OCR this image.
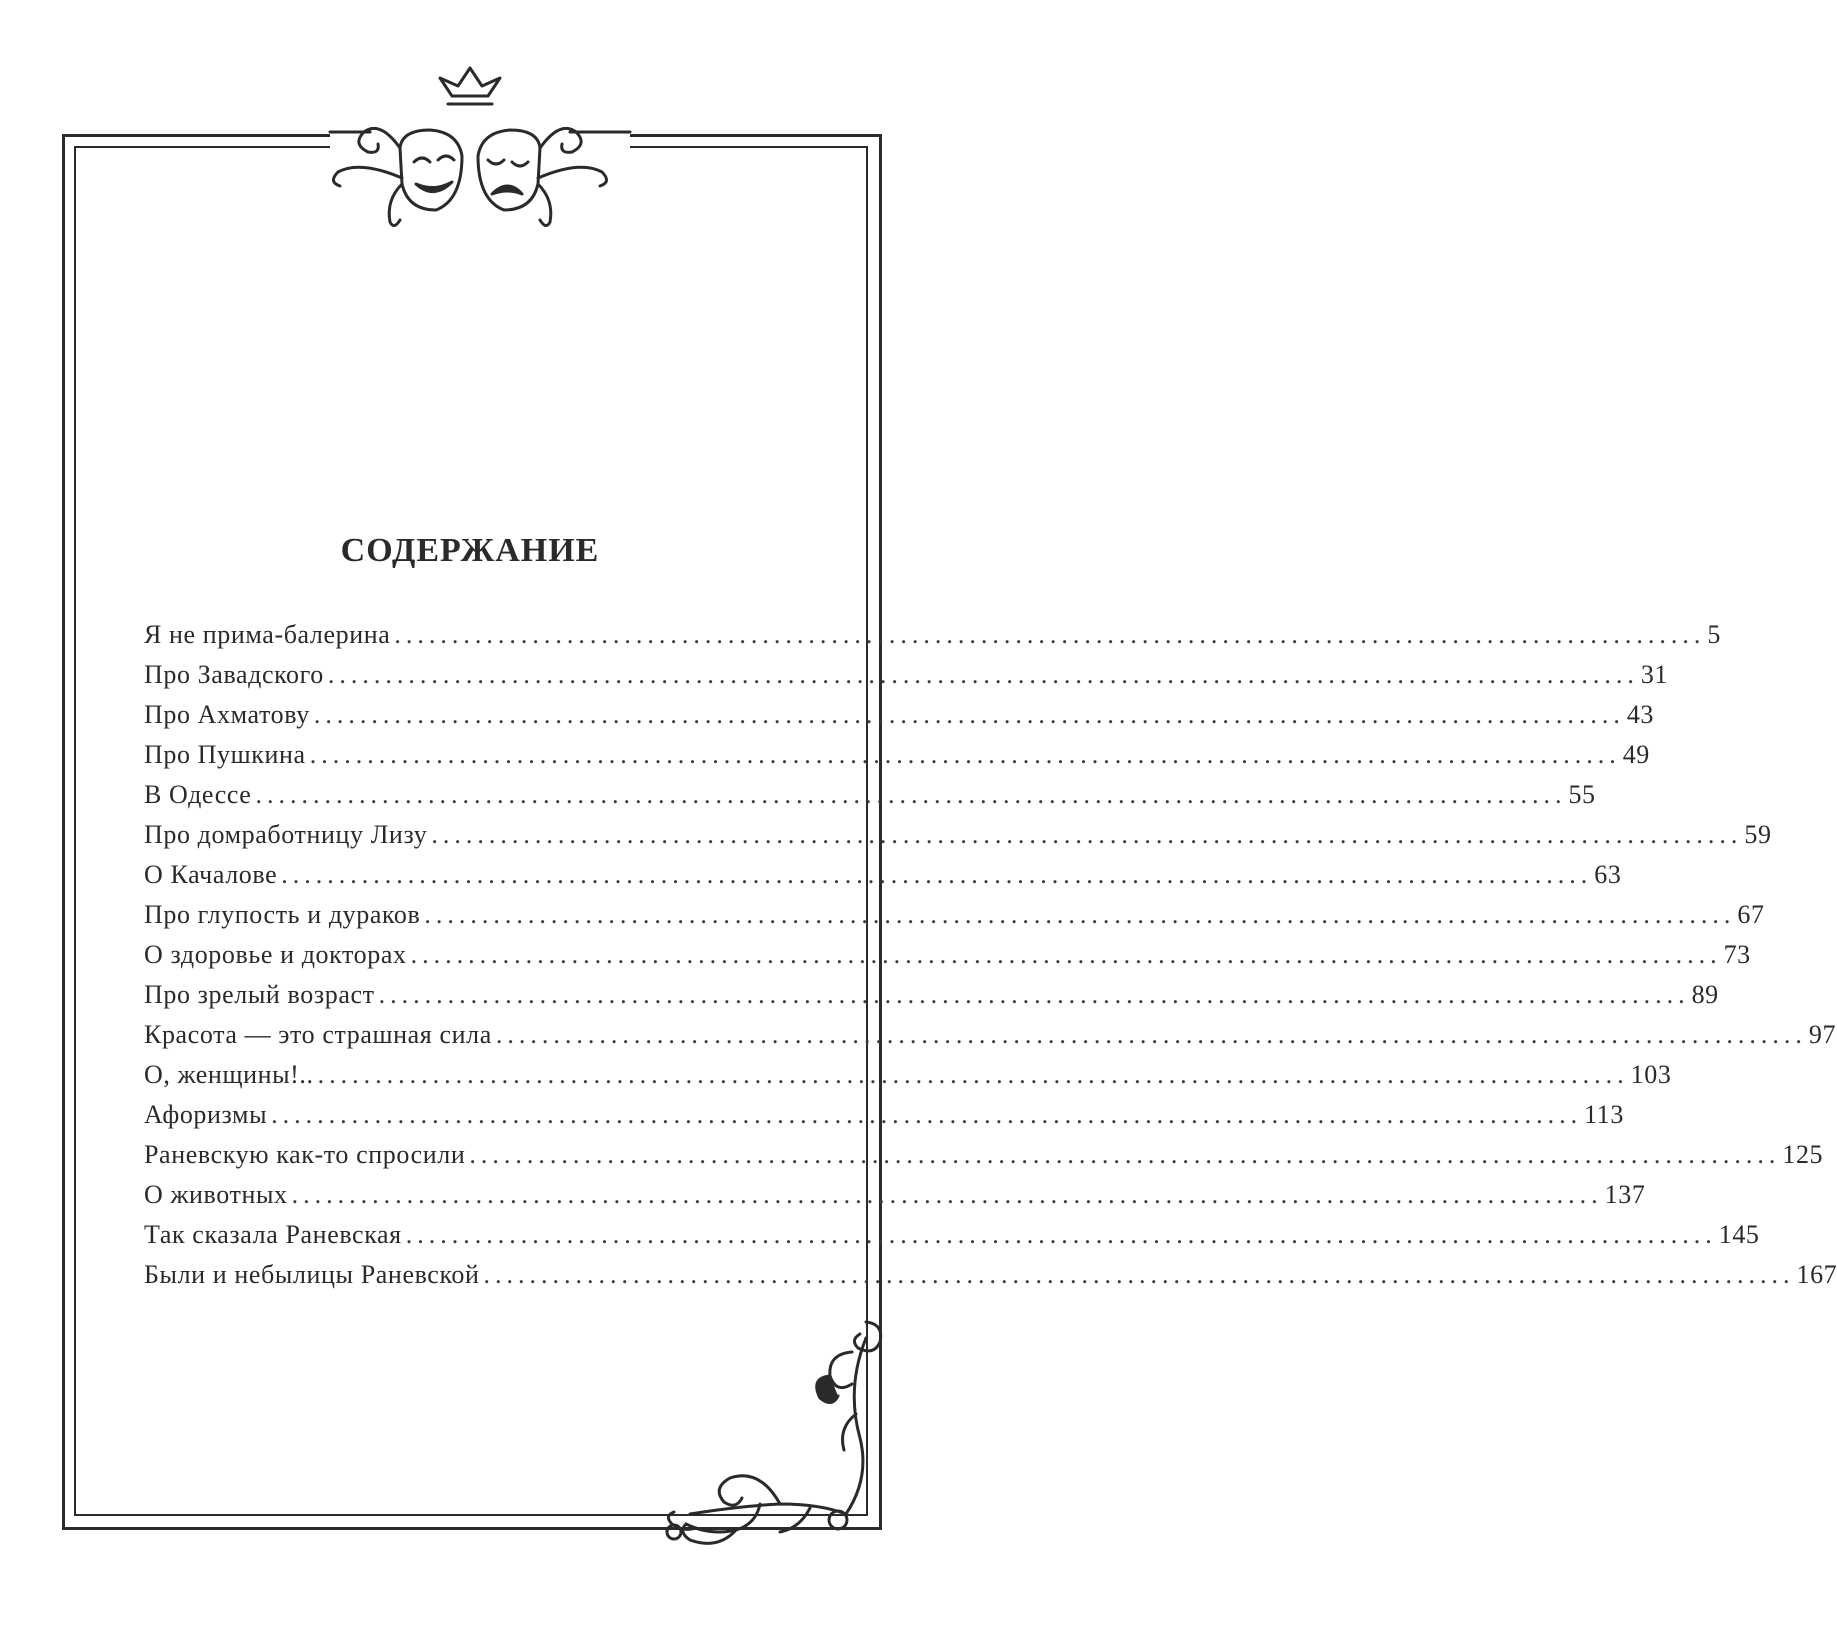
СОДЕРЖАНИЕ
Я не прима-балерина .................................................................................................................. 5
Про Завадского .................................................................................................................. 31
Про Ахматову .................................................................................................................. 43
Про Пушкина .................................................................................................................. 49
В Одессе .................................................................................................................. 55
Про домработницу Лизу .................................................................................................................. 59
О Качалове .................................................................................................................. 63
Про глупость и дураков .................................................................................................................. 67
О здоровье и докторах .................................................................................................................. 73
Про зрелый возраст .................................................................................................................. 89
Красота — это страшная сила .................................................................................................................. 97
О, женщины!.. .................................................................................................................. 103
Афоризмы .................................................................................................................. 113
Раневскую как-то спросили .................................................................................................................. 125
О животных .................................................................................................................. 137
Так сказала Раневская .................................................................................................................. 145
Были и небылицы Раневской .................................................................................................................. 167
